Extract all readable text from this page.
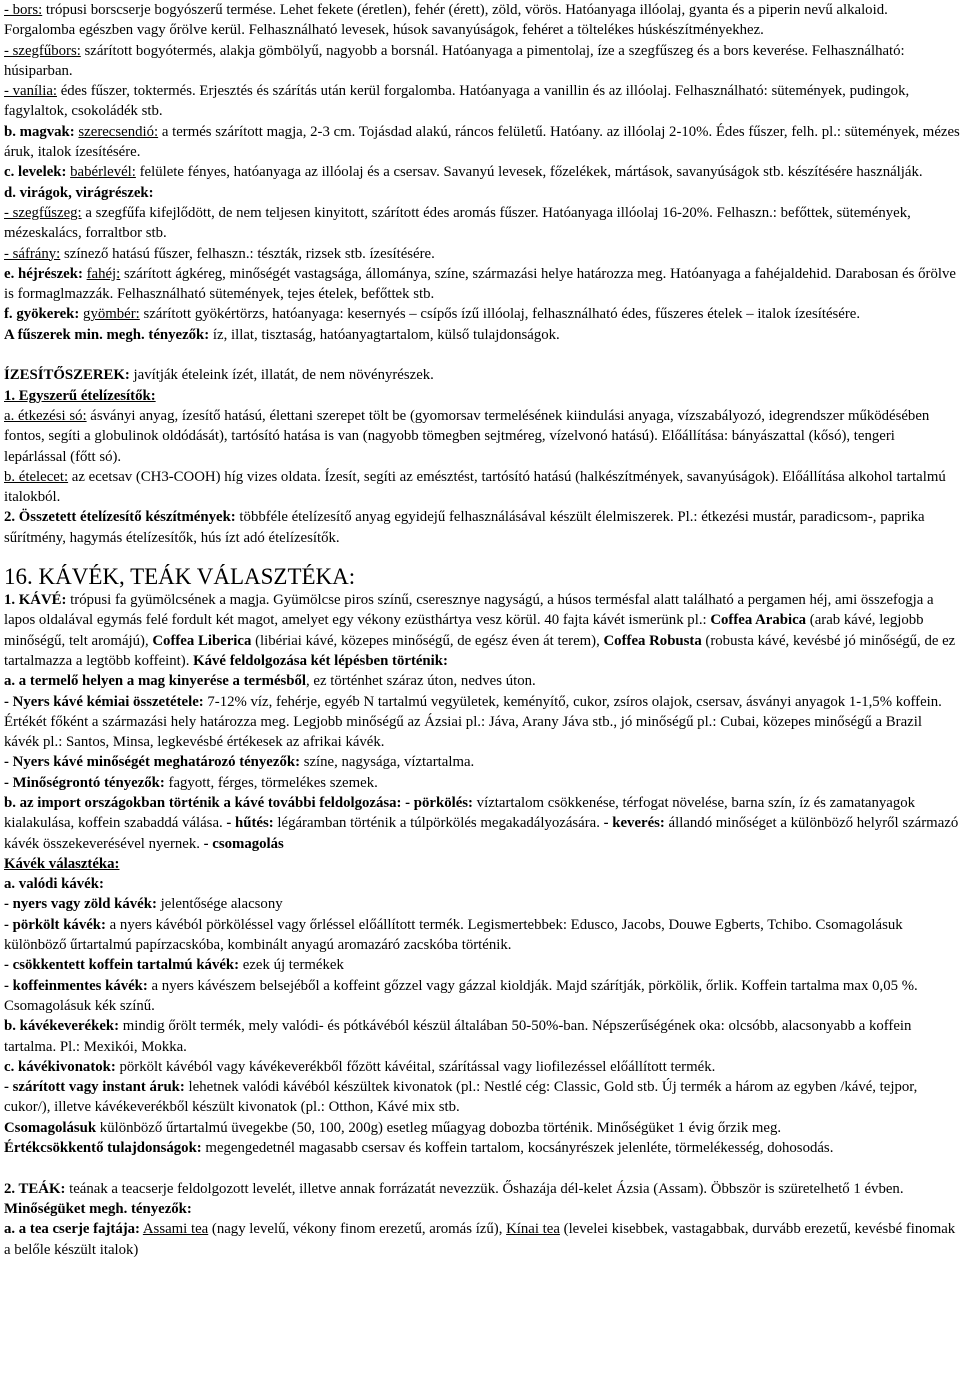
- bors: trópusi borscserje bogyószerű termése. Lehet fekete (éretlen), fehér (érett), zöld, vörös. Hatóanyaga illóolaj, gyanta és a piperin nevű alkaloid. Forgalomba egészben vagy őrölve kerül. Felhasználható levesek, húsok savanyúságok, fehéret a töltelékes húskészítményekhez.

- szegfűbors: szárított bogyótermés, alakja gömbölyű, nagyobb a borsnál. Hatóanyaga a pimentolaj, íze a szegfűszeg és a bors keverése. Felhasználható: húsiparban.

- vanília: édes fűszer, toktermés. Erjesztés és szárítás után kerül forgalomba. Hatóanyaga a vanillin és az illóolaj. Felhasználható: sütemények, pudingok, fagylaltok, csokoládék stb.

b. magvak: szerecsendió: a termés szárított magja, 2-3 cm. Tojásdad alakú, ráncos felületű. Hatóany. az illóolaj 2-10%. Édes fűszer, felh. pl.: sütemények, mézes áruk, italok ízesítésére.

c. levelek: babérlevél: felülete fényes, hatóanyaga az illóolaj és a csersav. Savanyú levesek, főzelékek, mártások, savanyúságok stb. készítésére használják.

d. virágok, virágrészek:

- szegfűszeg: a szegfűfa kifejlődött, de nem teljesen kinyitott, szárított édes aromás fűszer. Hatóanyaga illóolaj 16-20%. Felhaszn.: befőttek, sütemények, mézeskalács, forraltbor stb.

- sáfrány: színező hatású fűszer, felhaszn.: tészták, rizsek stb. ízesítésére.

e. héjrészek: fahéj: szárított ágkéreg, minőségét vastagsága, állománya, színe, származási helye határozza meg. Hatóanyaga a fahéjaldehid. Darabosan és őrölve is formaglmazzák. Felhasználható sütemények, tejes ételek, befőttek stb.

f. gyökerek: gyömbér: szárított gyökértörzs, hatóanyaga: kesernyés – csípős ízű illóolaj, felhasználható édes, fűszeres ételek – italok ízesítésére.

A fűszerek min. megh. tényezők: íz, illat, tisztaság, hatóanyagtartalom, külső tulajdonságok.

ÍZESÍTŐSZEREK: javítják ételeink ízét, illatát, de nem növényrészek.

1. Egyszerű ételízesítők:

a. étkezési só: ásványi anyag, ízesítő hatású, élettani szerepet tölt be (gyomorsav termelésének kiindulási anyaga, vízszabályozó, idegrendszer működésében fontos, segíti a globulinok oldódását), tartósító hatása is van (nagyobb tömegben sejtméreg, vízelvonó hatású). Előállítása: bányászattal (kősó), tengeri lepárlással (főtt só).

b. ételecet: az ecetsav (CH3-COOH) híg vizes oldata. Ízesít, segíti az emésztést, tartósító hatású (halkészítmények, savanyúságok). Előállítása alkohol tartalmú italokból.

2. Összetett ételízesítő készítmények: többféle ételízesítő anyag egyidejű felhasználásával készült élelmiszerek. Pl.: étkezési mustár, paradicsom-, paprika sűrítmény, hagymás ételízesítők, hús ízt adó ételízesítők.

16. KÁVÉK, TEÁK VÁLASZTÉKA:

1. KÁVÉ: trópusi fa gyümölcsének a magja. Gyümölcse piros színű, cseresznye nagyságú, a húsos termésfal alatt található a pergamen héj, ami összefogja a lapos oldalával egymás felé fordult két magot, amelyet egy vékony ezüsthártya vesz körül. 40 fajta kávét ismerünk pl.: Coffea Arabica (arab kávé, legjobb minőségű, telt aromájú), Coffea Liberica (libériai kávé, közepes minőségű, de egész éven át terem), Coffea Robusta (robusta kávé, kevésbé jó minőségű, de ez tartalmazza a legtöbb koffeint). Kávé feldolgozása két lépésben történik:

a. a termelő helyen a mag kinyerése a termésből, ez történhet száraz úton, nedves úton.

- Nyers kávé kémiai összetétele: 7-12% víz, fehérje, egyéb N tartalmú vegyületek, keményítő, cukor, zsíros olajok, csersav, ásványi anyagok 1-1,5% koffein. Értékét főként a származási hely határozza meg. Legjobb minőségű az Ázsiai pl.: Jáva, Arany Jáva stb., jó minőségű pl.: Cubai, közepes minőségű a Brazil kávék pl.: Santos, Minsa, legkevésbé értékesek az afrikai kávék.

- Nyers kávé minőségét meghatározó tényezők: színe, nagysága, víztartalma.

- Minőségrontó tényezők: fagyott, férges, törmelékes szemek.

b. az import országokban történik a kávé további feldolgozása: - pörkölés: víztartalom csökkenése, térfogat növelése, barna szín, íz és zamatanyagok kialakulása, koffein szabaddá válása. - hűtés: légáramban történik a túlpörkölés megakadályozására. - keverés: állandó minőséget a különböző helyről származó kávék összekeverésével nyernek. - csomagolás

Kávék választéka:

a. valódi kávék:

- nyers vagy zöld kávék: jelentősége alacsony

- pörkölt kávék: a nyers kávéból pörköléssel vagy őrléssel előállított termék. Legismertebbek: Edusco, Jacobs, Douwe Egberts, Tchibo. Csomagolásuk különböző űrtartalmú papírzacskóba, kombinált anyagú aromazáró zacskóba történik.

- csökkentett koffein tartalmú kávék: ezek új termékek

- koffeinmentes kávék: a nyers kávészem belsejéből a koffeint gőzzel vagy gázzal kioldják. Majd szárítják, pörkölik, őrlik. Koffein tartalma max 0,05 %. Csomagolásuk kék színű.

b. kávékeverékek: mindig őrölt termék, mely valódi- és pótkávéból készül általában 50-50%-ban. Népszerűségének oka: olcsóbb, alacsonyabb a koffein tartalma. Pl.: Mexikói, Mokka.

c. kávékivonatok: pörkölt kávéból vagy kávékeverékből főzött kávéital, szárítással vagy liofilezéssel előállított termék.

- szárított vagy instant áruk: lehetnek valódi kávéból készültek kivonatok (pl.: Nestlé cég: Classic, Gold stb. Új termék a három az egyben /kávé, tejpor, cukor/), illetve kávékeverékből készült kivonatok (pl.: Otthon, Kávé mix stb.

Csomagolásuk különböző űrtartalmú üvegekbe (50, 100, 200g) esetleg műagyag dobozba történik. Minőségüket 1 évig őrzik meg.

Értékcsökkentő tulajdonságok: megengedetnél magasabb csersav és koffein tartalom, kocsányrészek jelenléte, törmelékesség, dohosodás.

2. TEÁK: teának a teacserje feldolgozott levelét, illetve annak forrázatát nevezzük. Őshazája dél-kelet Ázsia (Assam). Öbbször is szüretelhető 1 évben. Minőségüket megh. tényezők:

a. a tea cserje fajtája: Assami tea (nagy levelű, vékony finom erezetű, aromás ízű), Kínai tea (levelei kisebbek, vastagabbak, durvább erezetű, kevésbé finomak a belőle készült italok)
